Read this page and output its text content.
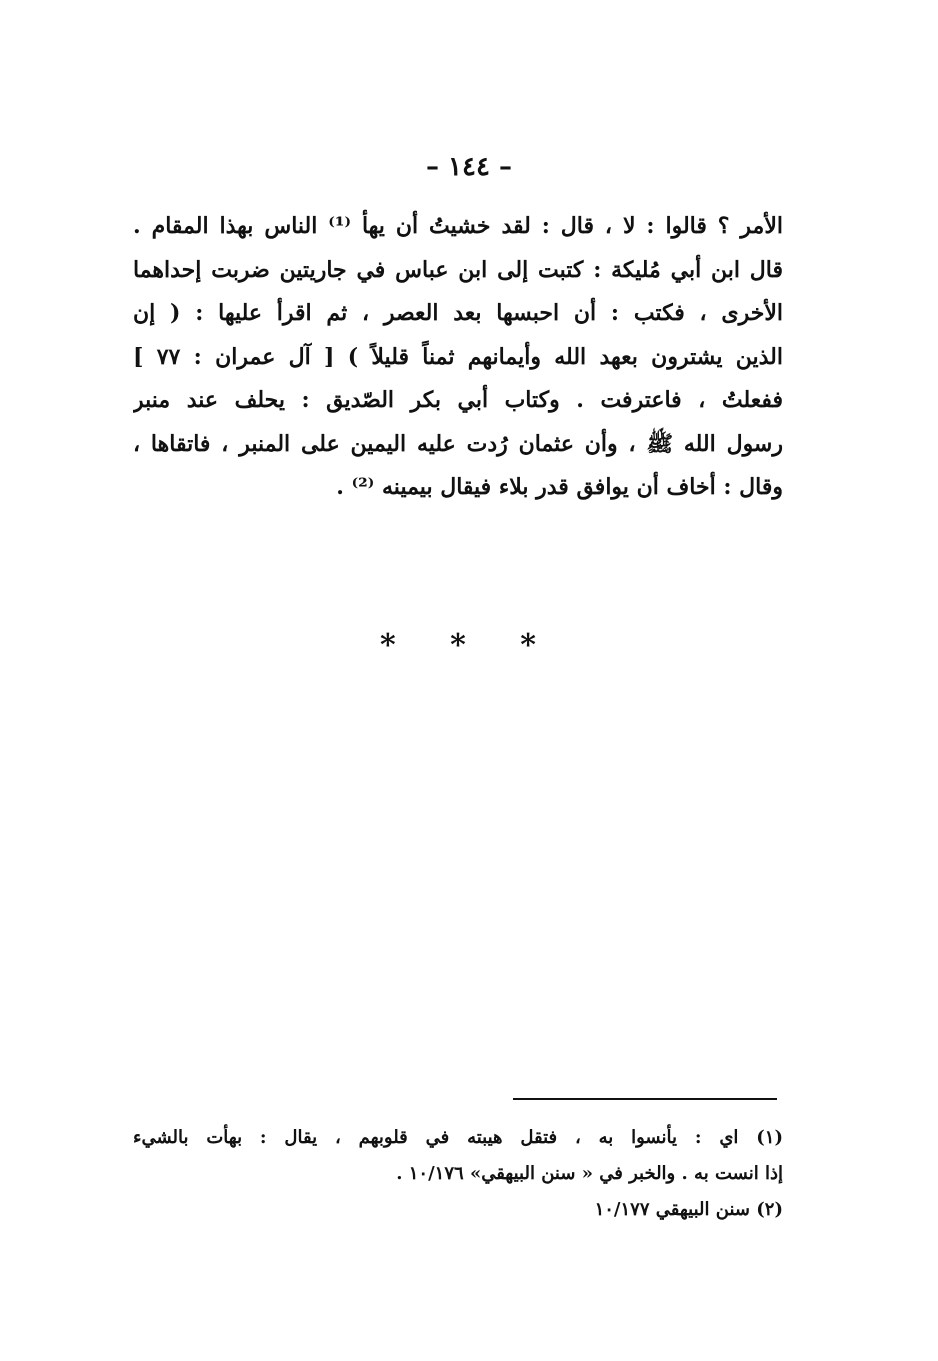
– ١٤٤ –
الأمر ؟ قالوا : لا ، قال : لقد خشيتُ أن يهأ ⁽¹⁾ الناس بهذا المقام .
قال ابن أبي مُليكة : كتبت إلى ابن عباس في جاريتين ضربت إحداهما
الأخرى ، فكتب : أن احبسها بعد العصر ، ثم اقرأ عليها : ( إن
الذين يشترون بعهد الله وأيمانهم ثمناً قليلاً ) [ آل عمران : ٧٧ ]
ففعلتُ ، فاعترفت . وكتاب أبي بكر الصّديق : يحلف عند منبر
رسول الله ﷺ ، وأن عثمان رُدت عليه اليمين على المنبر ، فاتقاها ،
وقال : أخاف أن يوافق قدر بلاء فيقال بيمينه ⁽²⁾ .
* * *
(١) اي : يأنسوا به ، فتقل هيبته في قلوبهم ، يقال : بهأت بالشيء
إذا انست به . والخبر في « سنن البيهقي» ١٠/١٧٦ .
(٢) سنن البيهقي ١٠/١٧٧
